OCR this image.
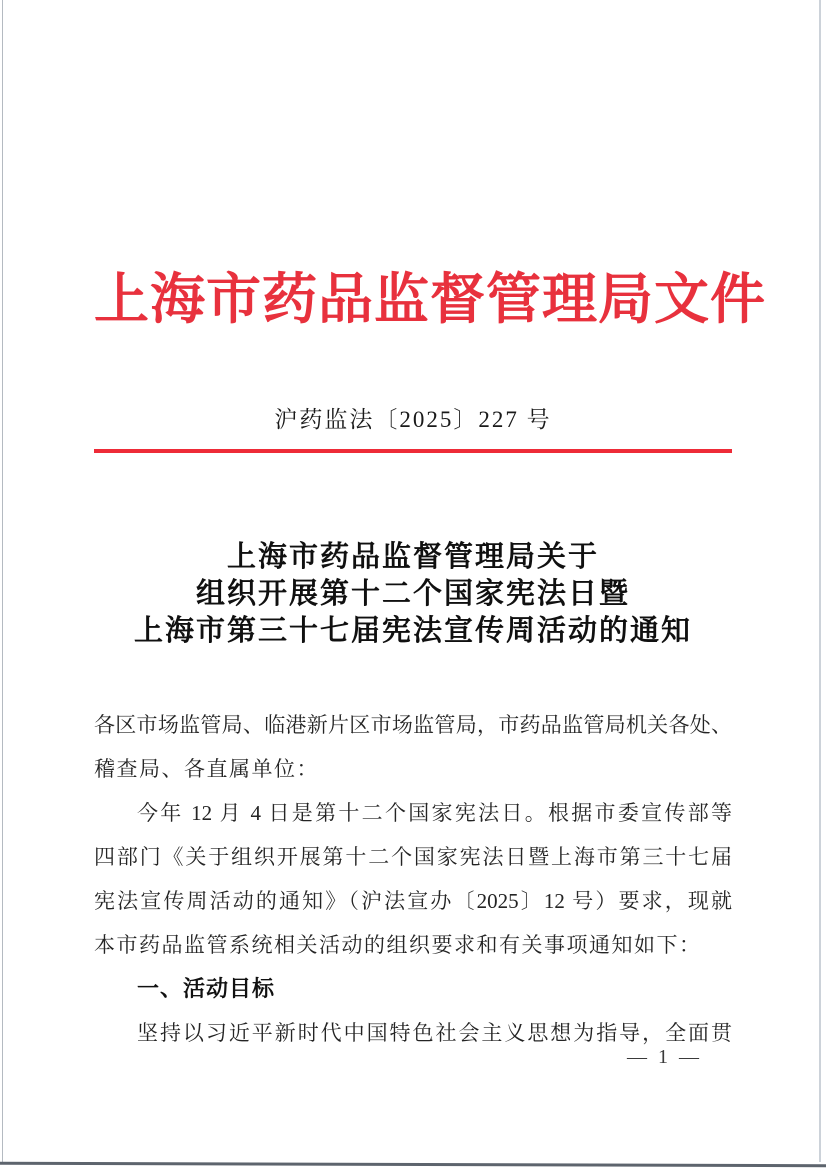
上海市药品监督管理局文件
沪药监法〔2025〕227 号
上海市药品监督管理局关于
组织开展第十二个国家宪法日暨
上海市第三十七届宪法宣传周活动的通知
各区市场监管局、临港新片区市场监管局，市药品监管局机关各处、
稽查局、各直属单位：
今年 12 月 4 日是第十二个国家宪法日。根据市委宣传部等
四部门《关于组织开展第十二个国家宪法日暨上海市第三十七届
宪法宣传周活动的通知》（沪法宣办〔2025〕12 号）要求，现就
本市药品监管系统相关活动的组织要求和有关事项通知如下：
一、活动目标
坚持以习近平新时代中国特色社会主义思想为指导，全面贯
— 1 —
